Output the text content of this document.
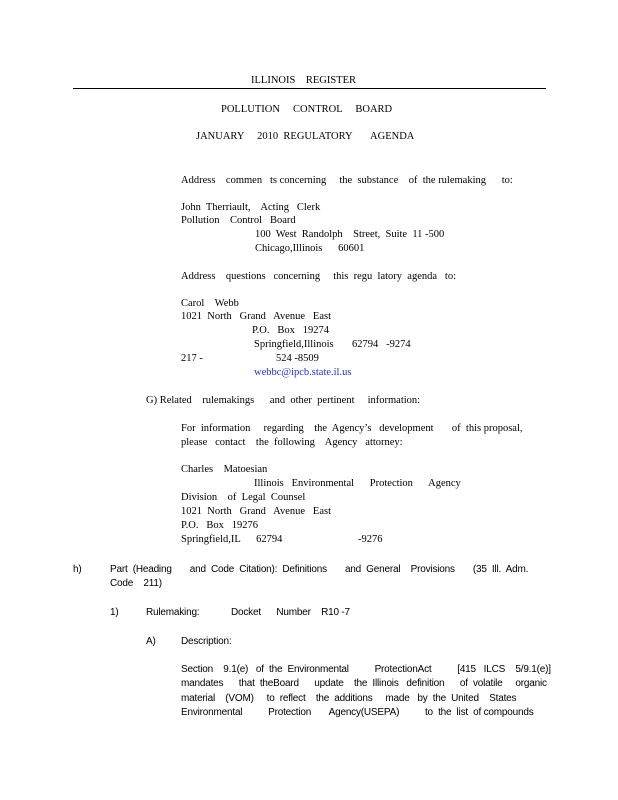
ILLINOIS    REGISTER
POLLUTION     CONTROL     BOARD
JANUARY     2010  REGULATORY       AGENDA
Address    commen   ts concerning     the  substance    of  the rulemaking      to:
John  Therriault,    Acting   Clerk
Pollution    Control   Board
100  West  Randolph    Street,  Suite  11 -500
Chicago,Illinois      60601
Address    questions   concerning     this  regu  latory  agenda   to:
Carol    Webb
1021  North   Grand   Avenue   East
P.O.   Box   19274
Springfield,Illinois       62794   -9274
217 -	524 -8509
webbc@ipcb.state.il.us
G) Related    rulemakings      and  other  pertinent     information:
For  information     regarding    the  Agency’s   development       of  this proposal,
please   contact    the  following    Agency   attorney:
Charles    Matoesian
Illinois   Environmental      Protection      Agency
Division    of  Legal  Counsel
1021  North   Grand   Avenue   East
P.O.   Box   19276
Springfield,IL      62794	-9276
h)	Part  (Heading       and  Code  Citation):  Definitions       and  General    Provisions       (35  Ill.  Adm.
Code    211)
1)	Rulemaking:	Docket      Number    R10 -7
A)	Description:
Section    9.1(e)   of  the  Environmental          ProtectionAct          [415   ILCS    5/9.1(e)]
mandates      that  theBoard      update    the  Illinois   definition      of  volatile     organic
material    (VOM)     to  reflect    the  additions     made   by  the  United    States
Environmental          Protection       Agency(USEPA)          to  the  list  of compounds
